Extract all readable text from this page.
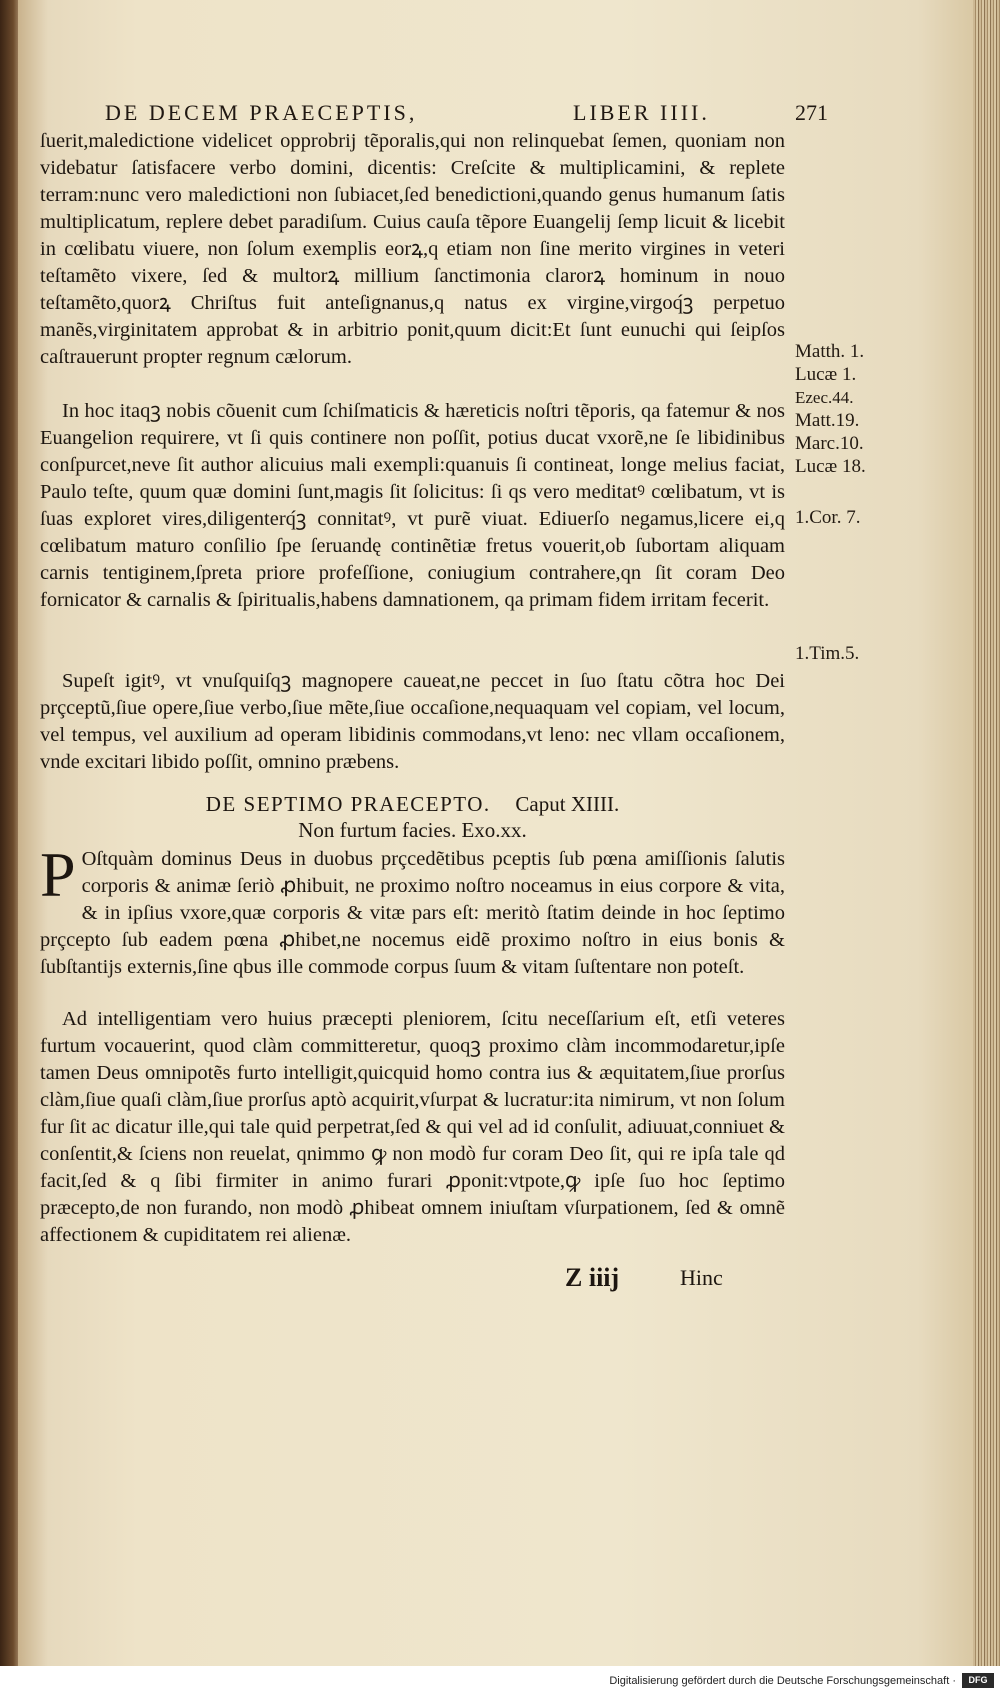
DE DECEM PRAECEPTIS,	LIBER IIII.	271

ſuerit,maledictione videlicet opprobrij tẽporalis,qui non relinquebat ſemen, quoniam non videbatur ſatisfacere verbo domini, dicentis: Creſcite & multiplicamini, & replete terram:nunc vero maledictioni non ſubiacet,ſed benedictioni,quando genus humanum ſatis multiplicatum, replere debet paradiſum. Cuius cauſa tẽpore Euangelij ſemp licuit & licebit in cœlibatu viuere, non ſolum exemplis eorꝝ,q etiam non ſine merito virgines in veteri teſtamẽto vixere, ſed & multorꝝ millium ſanctimonia clarorꝝ hominum in nouo teſtamẽto,quorꝝ Chriſtus fuit anteſignanus,q natus ex virgine,virgoq́ꝫ perpetuo manẽs,virginitatem approbat & in arbitrio ponit,quum dicit:Et ſunt eunuchi qui ſeipſos caſtrauerunt propter regnum cælorum.

In hoc itaqꝫ nobis cõuenit cum ſchiſmaticis & hæreticis noſtri tẽporis, qa fatemur & nos Euangelion requirere, vt ſi quis continere non poſſit, potius ducat vxorẽ,ne ſe libidinibus conſpurcet,neve ſit author alicuius mali exempli:quanuis ſi contineat, longe melius faciat, Paulo teſte, quum quæ domini ſunt,magis ſit ſolicitus: ſi qs vero meditatꝰ cœlibatum, vt is ſuas exploret vires,diligenterq́ꝫ connitatꝰ, vt purẽ viuat. Ediuerſo negamus,licere ei,q cœlibatum maturo conſilio ſpe ſeruandę continẽtiæ fretus vouerit,ob ſubortam aliquam carnis tentiginem,ſpreta priore profeſſione, coniugium contrahere,qn ſit coram Deo fornicator & carnalis & ſpiritualis,habens damnationem, qa primam fidem irritam fecerit.

Supeſt igitꝰ, vt vnuſquiſqꝫ magnopere caueat,ne peccet in ſuo ſtatu cõtra hoc Dei prçceptũ,ſiue opere,ſiue verbo,ſiue mẽte,ſiue occaſione,nequaquam vel copiam, vel locum, vel tempus, vel auxilium ad operam libidinis commodans,vt leno: nec vllam occaſionem, vnde excitari libido poſſit, omnino præbens.

DE SEPTIMO PRAECEPTO. Caput XIIII.
Non furtum facies. Exo.xx.
P Oſtquàm dominus Deus in duobus prçcedẽtibus pceptis ſub pœna amiſſionis ſalutis corporis & animæ ſeriò ꝓhibuit, ne proximo noſtro noceamus in eius corpore & vita, & in ipſius vxore,quæ corporis & vitæ pars eſt: meritò ſtatim deinde in hoc ſeptimo prçcepto ſub eadem pœna ꝓhibet,ne nocemus eidẽ proximo noſtro in eius bonis & ſubſtantijs externis,ſine qbus ille commode corpus ſuum & vitam ſuſtentare non poteſt.

Ad intelligentiam vero huius præcepti pleniorem, ſcitu neceſſarium eſt, etſi veteres furtum vocauerint, quod clàm committeretur, quoqꝫ proximo clàm incommodaretur,ipſe tamen Deus omnipotẽs furto intelligit,quicquid homo contra ius & æquitatem,ſiue prorſus clàm,ſiue quaſi clàm,ſiue prorſus aptò acquirit,vſurpat & lucratur:ita nimirum, vt non ſolum fur ſit ac dicatur ille,qui tale quid perpetrat,ſed & qui vel ad id conſulit, adiuuat,conniuet & conſentit,& ſciens non reuelat, qnimmo ꝙ non modò fur coram Deo ſit, qui re ipſa tale qd facit,ſed & q ſibi firmiter in animo furari ꝓponit:vtpote,ꝙ ipſe ſuo hoc ſeptimo præcepto,de non furando, non modò ꝓhibeat omnem iniuſtam vſurpationem, ſed & omnẽ affectionem & cupiditatem rei alienæ.

Matth. 1.
Lucæ 1.
Ezec.44.
Matt.19.
Marc.10.
Lucæ 18.
1.Cor. 7.
1.Tim.5.
Z iiij	Hinc
Digitalisierung gefördert durch die Deutsche Forschungsgemeinschaft ·	DFG
